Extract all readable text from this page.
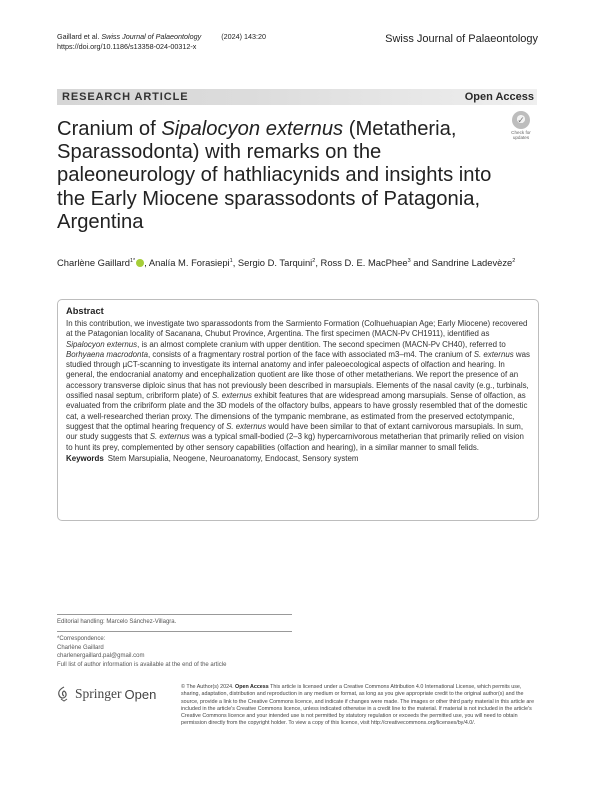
Gaillard et al. Swiss Journal of Palaeontology          (2024) 143:20
https://doi.org/10.1186/s13358-024-00312-x
Swiss Journal of Palaeontology
RESEARCH ARTICLE	Open Access
✓
Check for
updates
Cranium of Sipalocyon externus (Metatheria, Sparassodonta) with remarks on the paleoneurology of hathliacynids and insights into the Early Miocene sparassodonts of Patagonia, Argentina
Charlène Gaillard$^{1*}$ , Analía M. Forasiepi$^1$, Sergio D. Tarquini$^2$, Ross D. E. MacPhee$^3$ and Sandrine Ladevèze$^2$
Abstract

In this contribution, we investigate two sparassodonts from the Sarmiento Formation (Colhuehuapian Age; Early Miocene) recovered at the Patagonian locality of Sacanana, Chubut Province, Argentina. The first specimen (MACN-Pv CH1911), identified as Sipalocyon externus, is an almost complete cranium with upper dentition. The second specimen (MACN-Pv CH40), referred to Borhyaena macrodonta, consists of a fragmentary rostral portion of the face with associated m3–m4. The cranium of S. externus was studied through µCT-scanning to investigate its internal anatomy and infer paleoecological aspects of olfaction and hearing. In general, the endocranial anatomy and encephalization quotient are like those of other metatherians. We report the presence of an accessory transverse diploic sinus that has not previously been described in marsupials. Elements of the nasal cavity (e.g., turbinals, ossified nasal septum, cribriform plate) of S. externus exhibit features that are widespread among marsupials. Sense of olfaction, as evaluated from the cribriform plate and the 3D models of the olfactory bulbs, appears to have grossly resembled that of the domestic cat, a well-researched therian proxy. The dimensions of the tympanic membrane, as estimated from the preserved ectotympanic, suggest that the optimal hearing frequency of S. externus would have been similar to that of extant carnivorous marsupials. In sum, our study suggests that S. externus was a typical small-bodied (2–3 kg) hypercarnivorous metatherian that primarily relied on vision to hunt its prey, complemented by other sensory capabilities (olfaction and hearing), in a similar manner to small felids.

Keywords Stem Marsupialia, Neogene, Neuroanatomy, Endocast, Sensory system

Editorial handling: Marcelo Sánchez-Villagra.
*Correspondence:
Charlène Gaillard
charlenergaillard.pal@gmail.com
Full list of author information is available at the end of the article
Springer Open	© The Author(s) 2024. Open Access This article is licensed under a Creative Commons Attribution 4.0 International License, which permits use, sharing, adaptation, distribution and reproduction in any medium or format, as long as you give appropriate credit to the original author(s) and the source, provide a link to the Creative Commons licence, and indicate if changes were made. The images or other third party material in this article are included in the article's Creative Commons licence, unless indicated otherwise in a credit line to the material. If material is not included in the article's Creative Commons licence and your intended use is not permitted by statutory regulation or exceeds the permitted use, you will need to obtain permission directly from the copyright holder. To view a copy of this licence, visit http://creativecommons.org/licenses/by/4.0/.
